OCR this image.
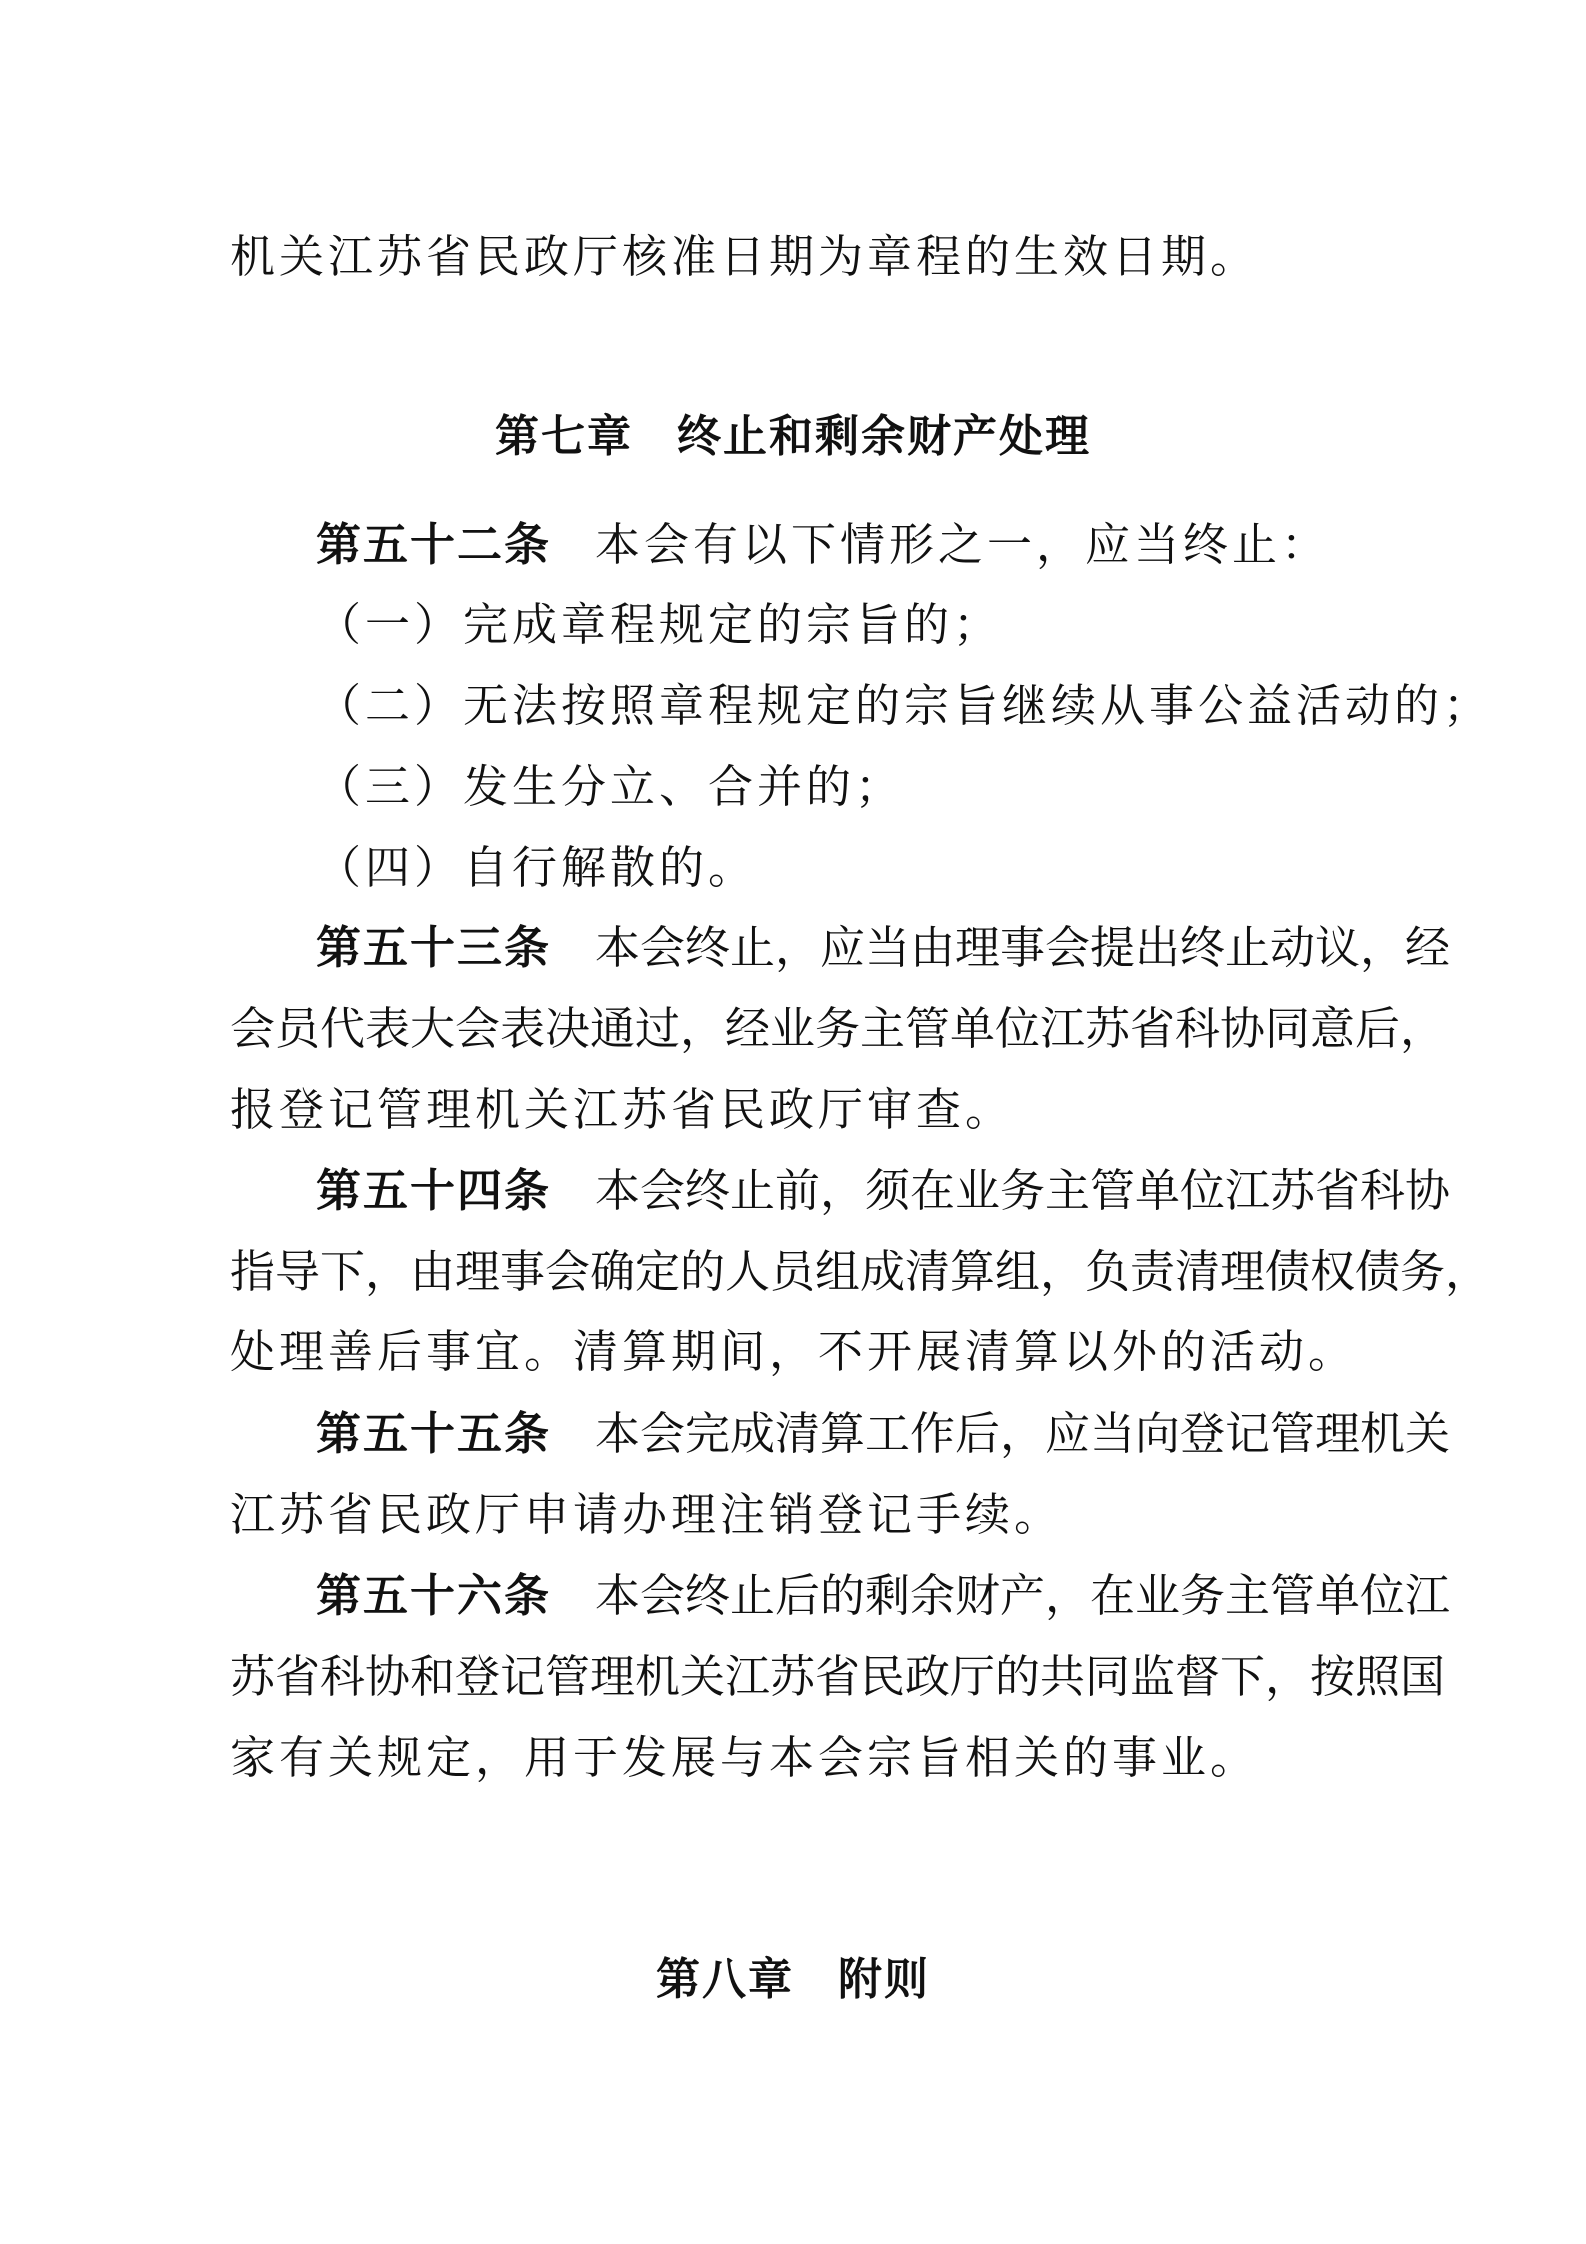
机关江苏省民政厅核准日期为章程的生效日期。

第七章 终止和剩余财产处理

第五十二条 本会有以下情形之一，应当终止：

（一）完成章程规定的宗旨的；

（二）无法按照章程规定的宗旨继续从事公益活动的；

（三）发生分立、合并的；

（四）自行解散的。

第五十三条 本会终止，应当由理事会提出终止动议，经

会员代表大会表决通过，经业务主管单位江苏省科协同意后，

报登记管理机关江苏省民政厅审查。

第五十四条 本会终止前，须在业务主管单位江苏省科协

指导下，由理事会确定的人员组成清算组，负责清理债权债务，

处理善后事宜。清算期间，不开展清算以外的活动。

第五十五条 本会完成清算工作后，应当向登记管理机关

江苏省民政厅申请办理注销登记手续。

第五十六条 本会终止后的剩余财产，在业务主管单位江

苏省科协和登记管理机关江苏省民政厅的共同监督下，按照国

家有关规定，用于发展与本会宗旨相关的事业。

第八章 附则
